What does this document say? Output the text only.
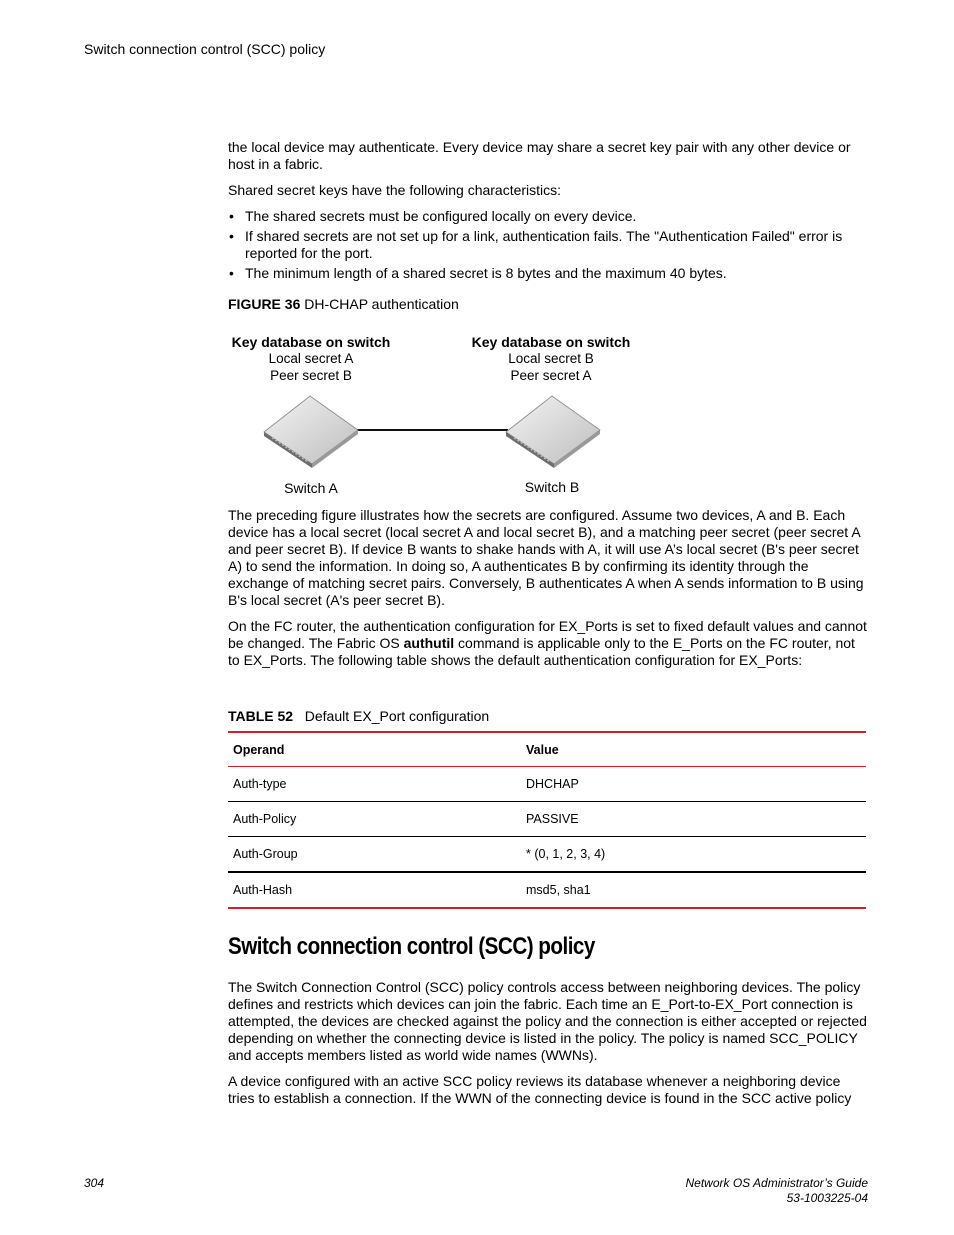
Switch connection control (SCC) policy

the local device may authenticate. Every device may share a secret key pair with any other device or host in a fabric.

Shared secret keys have the following characteristics:

• The shared secrets must be configured locally on every device.
• If shared secrets are not set up for a link, authentication fails. The "Authentication Failed" error is reported for the port.
• The minimum length of a shared secret is 8 bytes and the maximum 40 bytes.
FIGURE 36 DH-CHAP authentication
Key database on switch
Local secret A
Peer secret B
Key database on switch
Local secret B
Peer secret A
Switch A	Switch B

The preceding figure illustrates how the secrets are configured. Assume two devices, A and B. Each device has a local secret (local secret A and local secret B), and a matching peer secret (peer secret A and peer secret B). If device B wants to shake hands with A, it will use A’s local secret (B's peer secret A) to send the information. In doing so, A authenticates B by confirming its identity through the exchange of matching secret pairs. Conversely, B authenticates A when A sends information to B using B's local secret (A's peer secret B).

On the FC router, the authentication configuration for EX_Ports is set to fixed default values and cannot be changed. The Fabric OS authutil command is applicable only to the E_Ports on the FC router, not to EX_Ports. The following table shows the default authentication configuration for EX_Ports:

TABLE 52 Default EX_Port configuration
Operand	Value
Auth-type	DHCHAP
Auth-Policy	PASSIVE
Auth-Group	* (0, 1, 2, 3, 4)
Auth-Hash	msd5, sha1
Switch connection control (SCC) policy

The Switch Connection Control (SCC) policy controls access between neighboring devices. The policy defines and restricts which devices can join the fabric. Each time an E_Port-to-EX_Port connection is attempted, the devices are checked against the policy and the connection is either accepted or rejected depending on whether the connecting device is listed in the policy. The policy is named SCC_POLICY and accepts members listed as world wide names (WWNs).

A device configured with an active SCC policy reviews its database whenever a neighboring device tries to establish a connection. If the WWN of the connecting device is found in the SCC active policy

304	Network OS Administrator’s Guide
53-1003225-04
